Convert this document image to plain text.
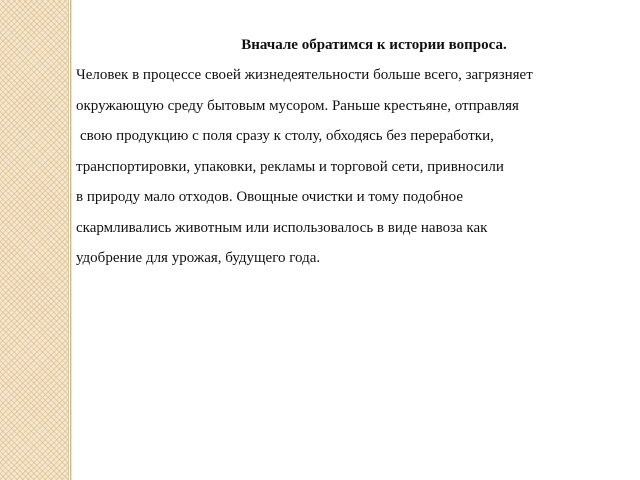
Вначале обратимся к истории вопроса.
Человек в процессе своей жизнедеятельности больше всего, загрязняет
окружающую среду бытовым мусором. Раньше крестьяне, отправляя
свою продукцию с поля сразу к столу, обходясь без переработки,
транспортировки, упаковки, рекламы и торговой сети, привносили
в природу мало отходов. Овощные очистки и тому подобное
скармливались животным или использовалось в виде навоза как
удобрение для урожая, будущего года.
